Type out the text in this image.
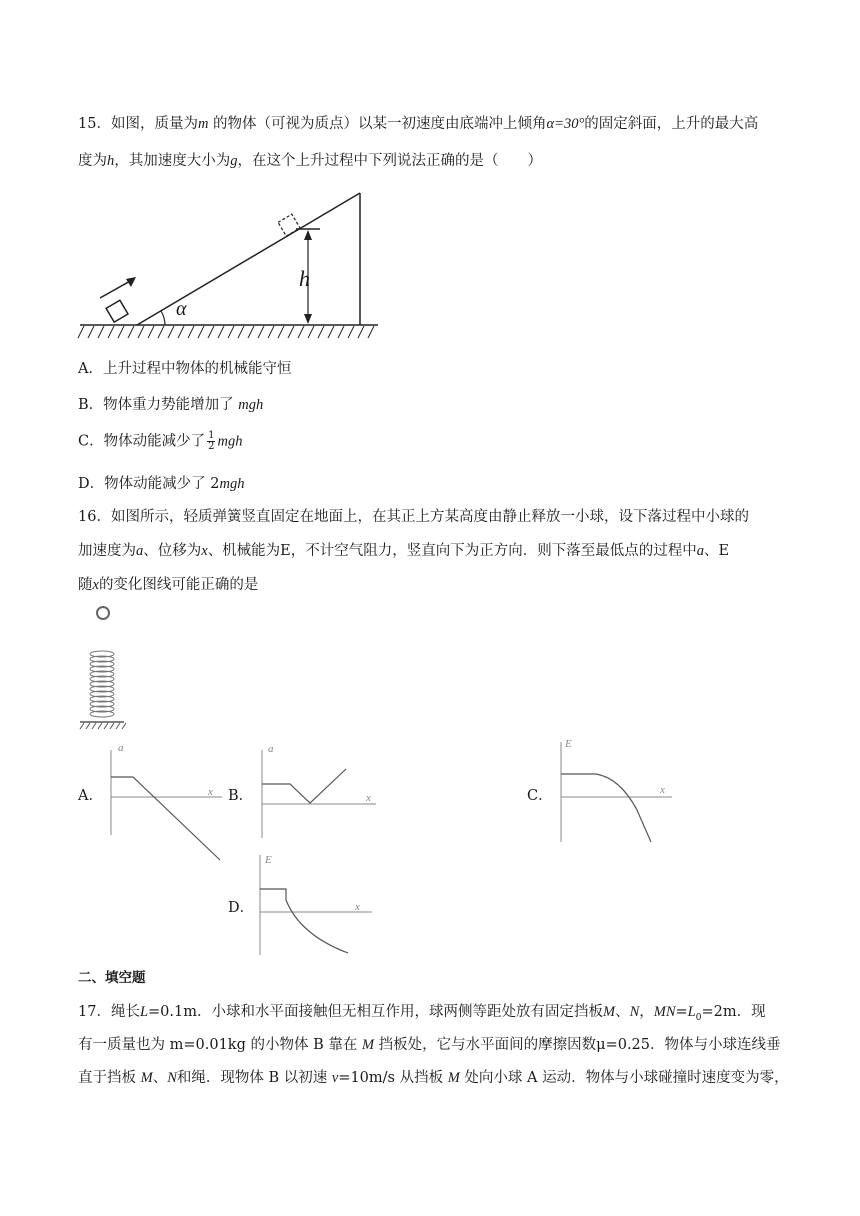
15．如图，质量为m 的物体（可视为质点）以某一初速度由底端冲上倾角α=30°的固定斜面，上升的最大高
度为h，其加速度大小为g，在这个上升过程中下列说法正确的是（　　）
h
α
A．上升过程中物体的机械能守恒
B．物体重力势能增加了 mgh
C．物体动能减少了 $\frac{1}{2}$ mgh
D．物体动能减少了 2mgh
16．如图所示，轻质弹簧竖直固定在地面上，在其正上方某高度由静止释放一小球，设下落过程中小球的
加速度为a、位移为x、机械能为E，不计空气阻力，竖直向下为正方向．则下落至最低点的过程中a、E
随x的变化图线可能正确的是
A．
a
x B．
a
x	C．
E
x
D．
E
x
二、填空题
17．绳长L=0.1m．小球和水平面接触但无相互作用，球两侧等距处放有固定挡板M、N，$MN=L_0=2m$．现
有一质量也为 m=0.01kg 的小物体 B 靠在 M 挡板处，它与水平面间的摩擦因数μ=0.25．物体与小球连线垂
直于挡板 M、N和绳．现物体 B 以初速 v=10m/s 从挡板 M 处向小球 A 运动．物体与小球碰撞时速度变为零，
